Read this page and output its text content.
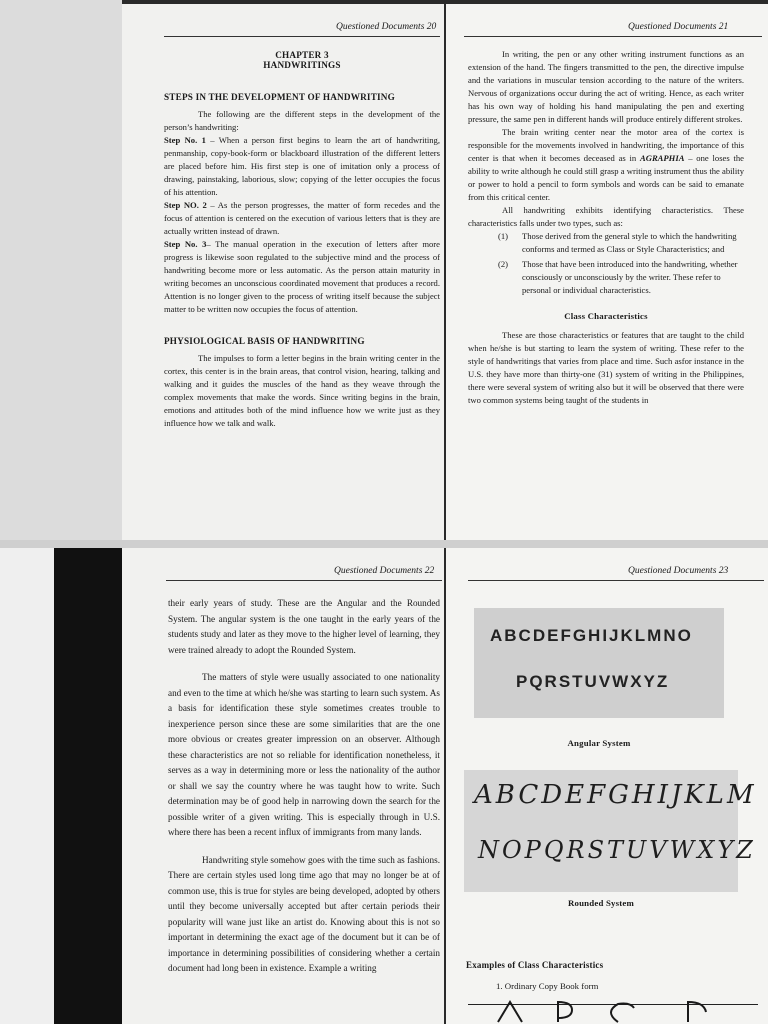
Questioned Documents 20
CHAPTER 3
HANDWRITINGS
STEPS IN THE DEVELOPMENT OF HANDWRITING

The following are the different steps in the development of the person’s handwriting:

Step No. 1 – When a person first begins to learn the art of handwriting, penmanship, copy-book-form or blackboard illustration of the different letters are placed before him. His first step is one of imitation only a process of drawing, painstaking, laborious, slow; copying of the letter occupies the focus of his attention.

Step NO. 2 – As the person progresses, the matter of form recedes and the focus of attention is centered on the execution of various letters that is they are actually written instead of drawn.

Step No. 3– The manual operation in the execution of letters after more progress is likewise soon regulated to the subjective mind and the process of handwriting become more or less automatic. As the person attain maturity in writing becomes an unconscious coordinated movement that produces a record. Attention is no longer given to the process of writing itself because the subject matter to be written now occupies the focus of attention.

PHYSIOLOGICAL BASIS OF HANDWRITING

The impulses to form a letter begins in the brain writing center in the cortex, this center is in the brain areas, that control vision, hearing, talking and walking and it guides the muscles of the hand as they weave through the complex movements that make the words. Since writing begins in the brain, emotions and attitudes both of the mind influence how we write just as they influence how we talk and walk.

Questioned Documents 21

In writing, the pen or any other writing instrument functions as an extension of the hand. The fingers transmitted to the pen, the directive impulse and the variations in muscular tension according to the nature of the writers. Nervous of organizations occur during the act of writing. Hence, as each writer has his own way of holding his hand manipulating the pen and exerting pressure, the same pen in different hands will produce entirely different strokes.

The brain writing center near the motor area of the cortex is responsible for the movements involved in handwriting, the importance of this center is that when it becomes deceased as in AGRAPHIA – one loses the ability to write although he could still grasp a writing instrument thus the ability or power to hold a pencil to form symbols and words can be said to emanate from this critical center.

All handwriting exhibits identifying characteristics. These characteristics falls under two types, such as:

(1)	Those derived from the general style to which the handwriting conforms and termed as Class or Style Characteristics; and
(2)	Those that have been introduced into the handwriting, whether consciously or unconsciously by the writer. These refer to personal or individual characteristics.
Class Characteristics

These are those characteristics or features that are taught to the child when he/she is but starting to learn the system of writing. These refer to the style of handwritings that varies from place and time. Such asfor instance in the U.S. they have more than thirty-one (31) system of writing in the Philippines, there were several system of writing also but it will be observed that there were two common systems being taught of the students in

Questioned Documents 22

their early years of study. These are the Angular and the Rounded System. The angular system is the one taught in the early years of the students study and later as they move to the higher level of learning, they were trained already to adopt the Rounded System.

The matters of style were usually associated to one nationality and even to the time at which he/she was starting to learn such system. As a basis for identification these style sometimes creates trouble to inexperience person since these are some similarities that are the one more obvious or creates greater impression on an observer. Although these characteristics are not so reliable for identification nonetheless, it serves as a way in determining more or less the nationality of the author or shall we say the country where he was taught how to write. Such determination may be of good help in narrowing down the search for the possible writer of a given writing. This is especially through in U.S. where there has been a recent influx of immigrants from many lands.

Handwriting style somehow goes with the time such as fashions. There are certain styles used long time ago that may no longer be at of common use, this is true for styles are being developed, adopted by others until they become universally accepted but after certain periods their popularity will wane just like an artist do. Knowing about this is not so important in determining the exact age of the document but it can be of importance in determining possibilities of considering whether a certain document had long been in existence. Example a writing

Questioned Documents 23
ABCDEFGHIJKLMNO
PQRSTUVWXYZ
Angular System
ABCDEFGHIJKLM
NOPQRSTUVWXYZ
Rounded System
Examples of Class Characteristics
1. Ordinary Copy Book form
